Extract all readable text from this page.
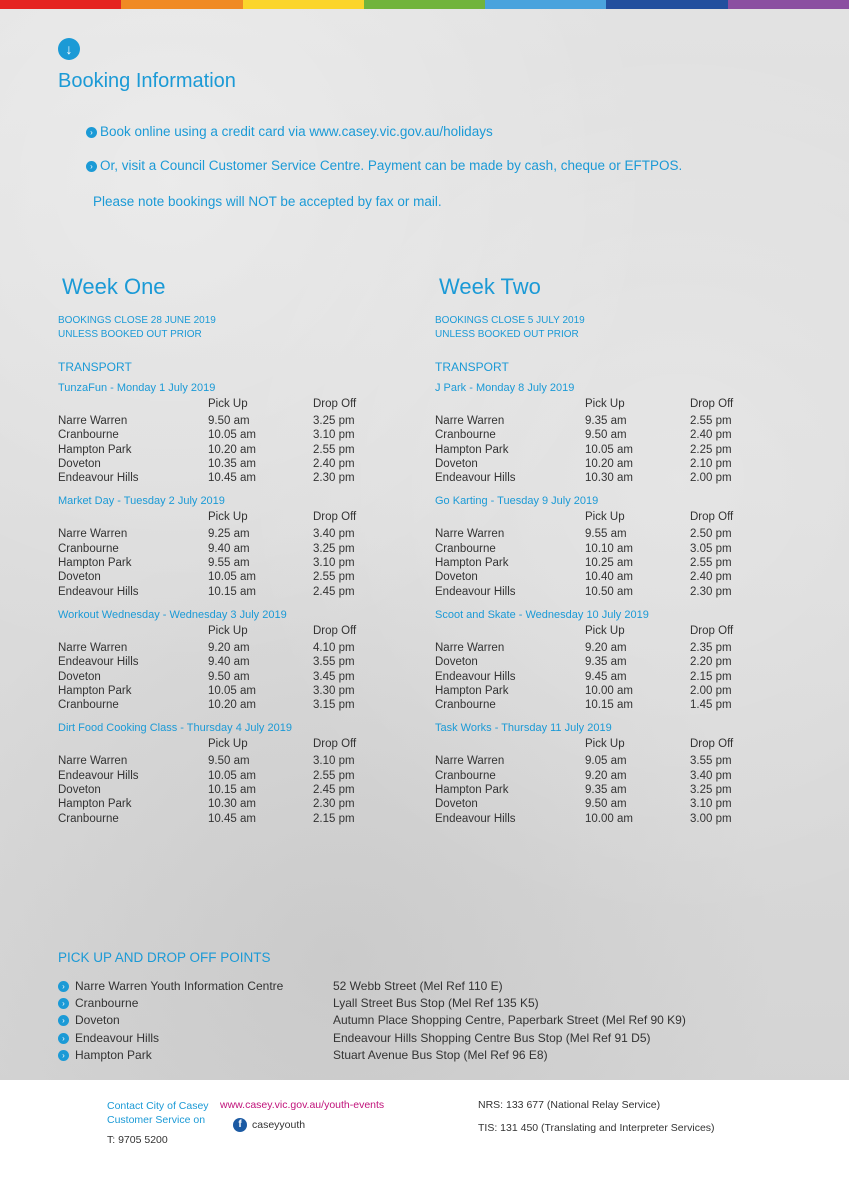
↓
Booking Information
› Book online using a credit card via www.casey.vic.gov.au/holidays
› Or, visit a Council Customer Service Centre. Payment can be made by cash, cheque or EFTPOS.
Please note bookings will NOT be accepted by fax or mail.
Week One
BOOKINGS CLOSE 28 JUNE 2019
UNLESS BOOKED OUT PRIOR
TRANSPORT
TunzaFun - Monday 1 July 2019
Pick Up	Drop Off
Narre Warren	9.50 am	3.25 pm
Cranbourne	10.05 am	3.10 pm
Hampton Park	10.20 am	2.55 pm
Doveton	10.35 am	2.40 pm
Endeavour Hills	10.45 am	2.30 pm
Market Day - Tuesday 2 July 2019
Pick Up	Drop Off
Narre Warren	9.25 am	3.40 pm
Cranbourne	9.40 am	3.25 pm
Hampton Park	9.55 am	3.10 pm
Doveton	10.05 am	2.55 pm
Endeavour Hills	10.15 am	2.45 pm
Workout Wednesday - Wednesday 3 July 2019
Pick Up	Drop Off
Narre Warren	9.20 am	4.10 pm
Endeavour Hills	9.40 am	3.55 pm
Doveton	9.50 am	3.45 pm
Hampton Park	10.05 am	3.30 pm
Cranbourne	10.20 am	3.15 pm
Dirt Food Cooking Class - Thursday 4 July 2019
Pick Up	Drop Off
Narre Warren	9.50 am	3.10 pm
Endeavour Hills	10.05 am	2.55 pm
Doveton	10.15 am	2.45 pm
Hampton Park	10.30 am	2.30 pm
Cranbourne	10.45 am	2.15 pm
Week Two
BOOKINGS CLOSE 5 JULY 2019
UNLESS BOOKED OUT PRIOR
TRANSPORT
J Park - Monday 8 July 2019
Pick Up	Drop Off
Narre Warren	9.35 am	2.55 pm
Cranbourne	9.50 am	2.40 pm
Hampton Park	10.05 am	2.25 pm
Doveton	10.20 am	2.10 pm
Endeavour Hills	10.30 am	2.00 pm
Go Karting - Tuesday 9 July 2019
Pick Up	Drop Off
Narre Warren	9.55 am	2.50 pm
Cranbourne	10.10 am	3.05 pm
Hampton Park	10.25 am	2.55 pm
Doveton	10.40 am	2.40 pm
Endeavour Hills	10.50 am	2.30 pm
Scoot and Skate - Wednesday 10 July 2019
Pick Up	Drop Off
Narre Warren	9.20 am	2.35 pm
Doveton	9.35 am	2.20 pm
Endeavour Hills	9.45 am	2.15 pm
Hampton Park	10.00 am	2.00 pm
Cranbourne	10.15 am	1.45 pm
Task Works - Thursday 11 July 2019
Pick Up	Drop Off
Narre Warren	9.05 am	3.55 pm
Cranbourne	9.20 am	3.40 pm
Hampton Park	9.35 am	3.25 pm
Doveton	9.50 am	3.10 pm
Endeavour Hills	10.00 am	3.00 pm
PICK UP AND DROP OFF POINTS
› Narre Warren Youth Information Centre	52 Webb Street (Mel Ref 110 E)
› Cranbourne	Lyall Street Bus Stop (Mel Ref 135 K5)
› Doveton	Autumn Place Shopping Centre, Paperbark Street (Mel Ref 90 K9)
› Endeavour Hills	Endeavour Hills Shopping Centre Bus Stop (Mel Ref 91 D5)
› Hampton Park	Stuart Avenue Bus Stop (Mel Ref 96 E8)
Contact City of Casey
Customer Service on
T: 9705 5200
www.casey.vic.gov.au/youth-events
f caseyyouth
NRS: 133 677 (National Relay Service)
TIS: 131 450 (Translating and Interpreter Services)
